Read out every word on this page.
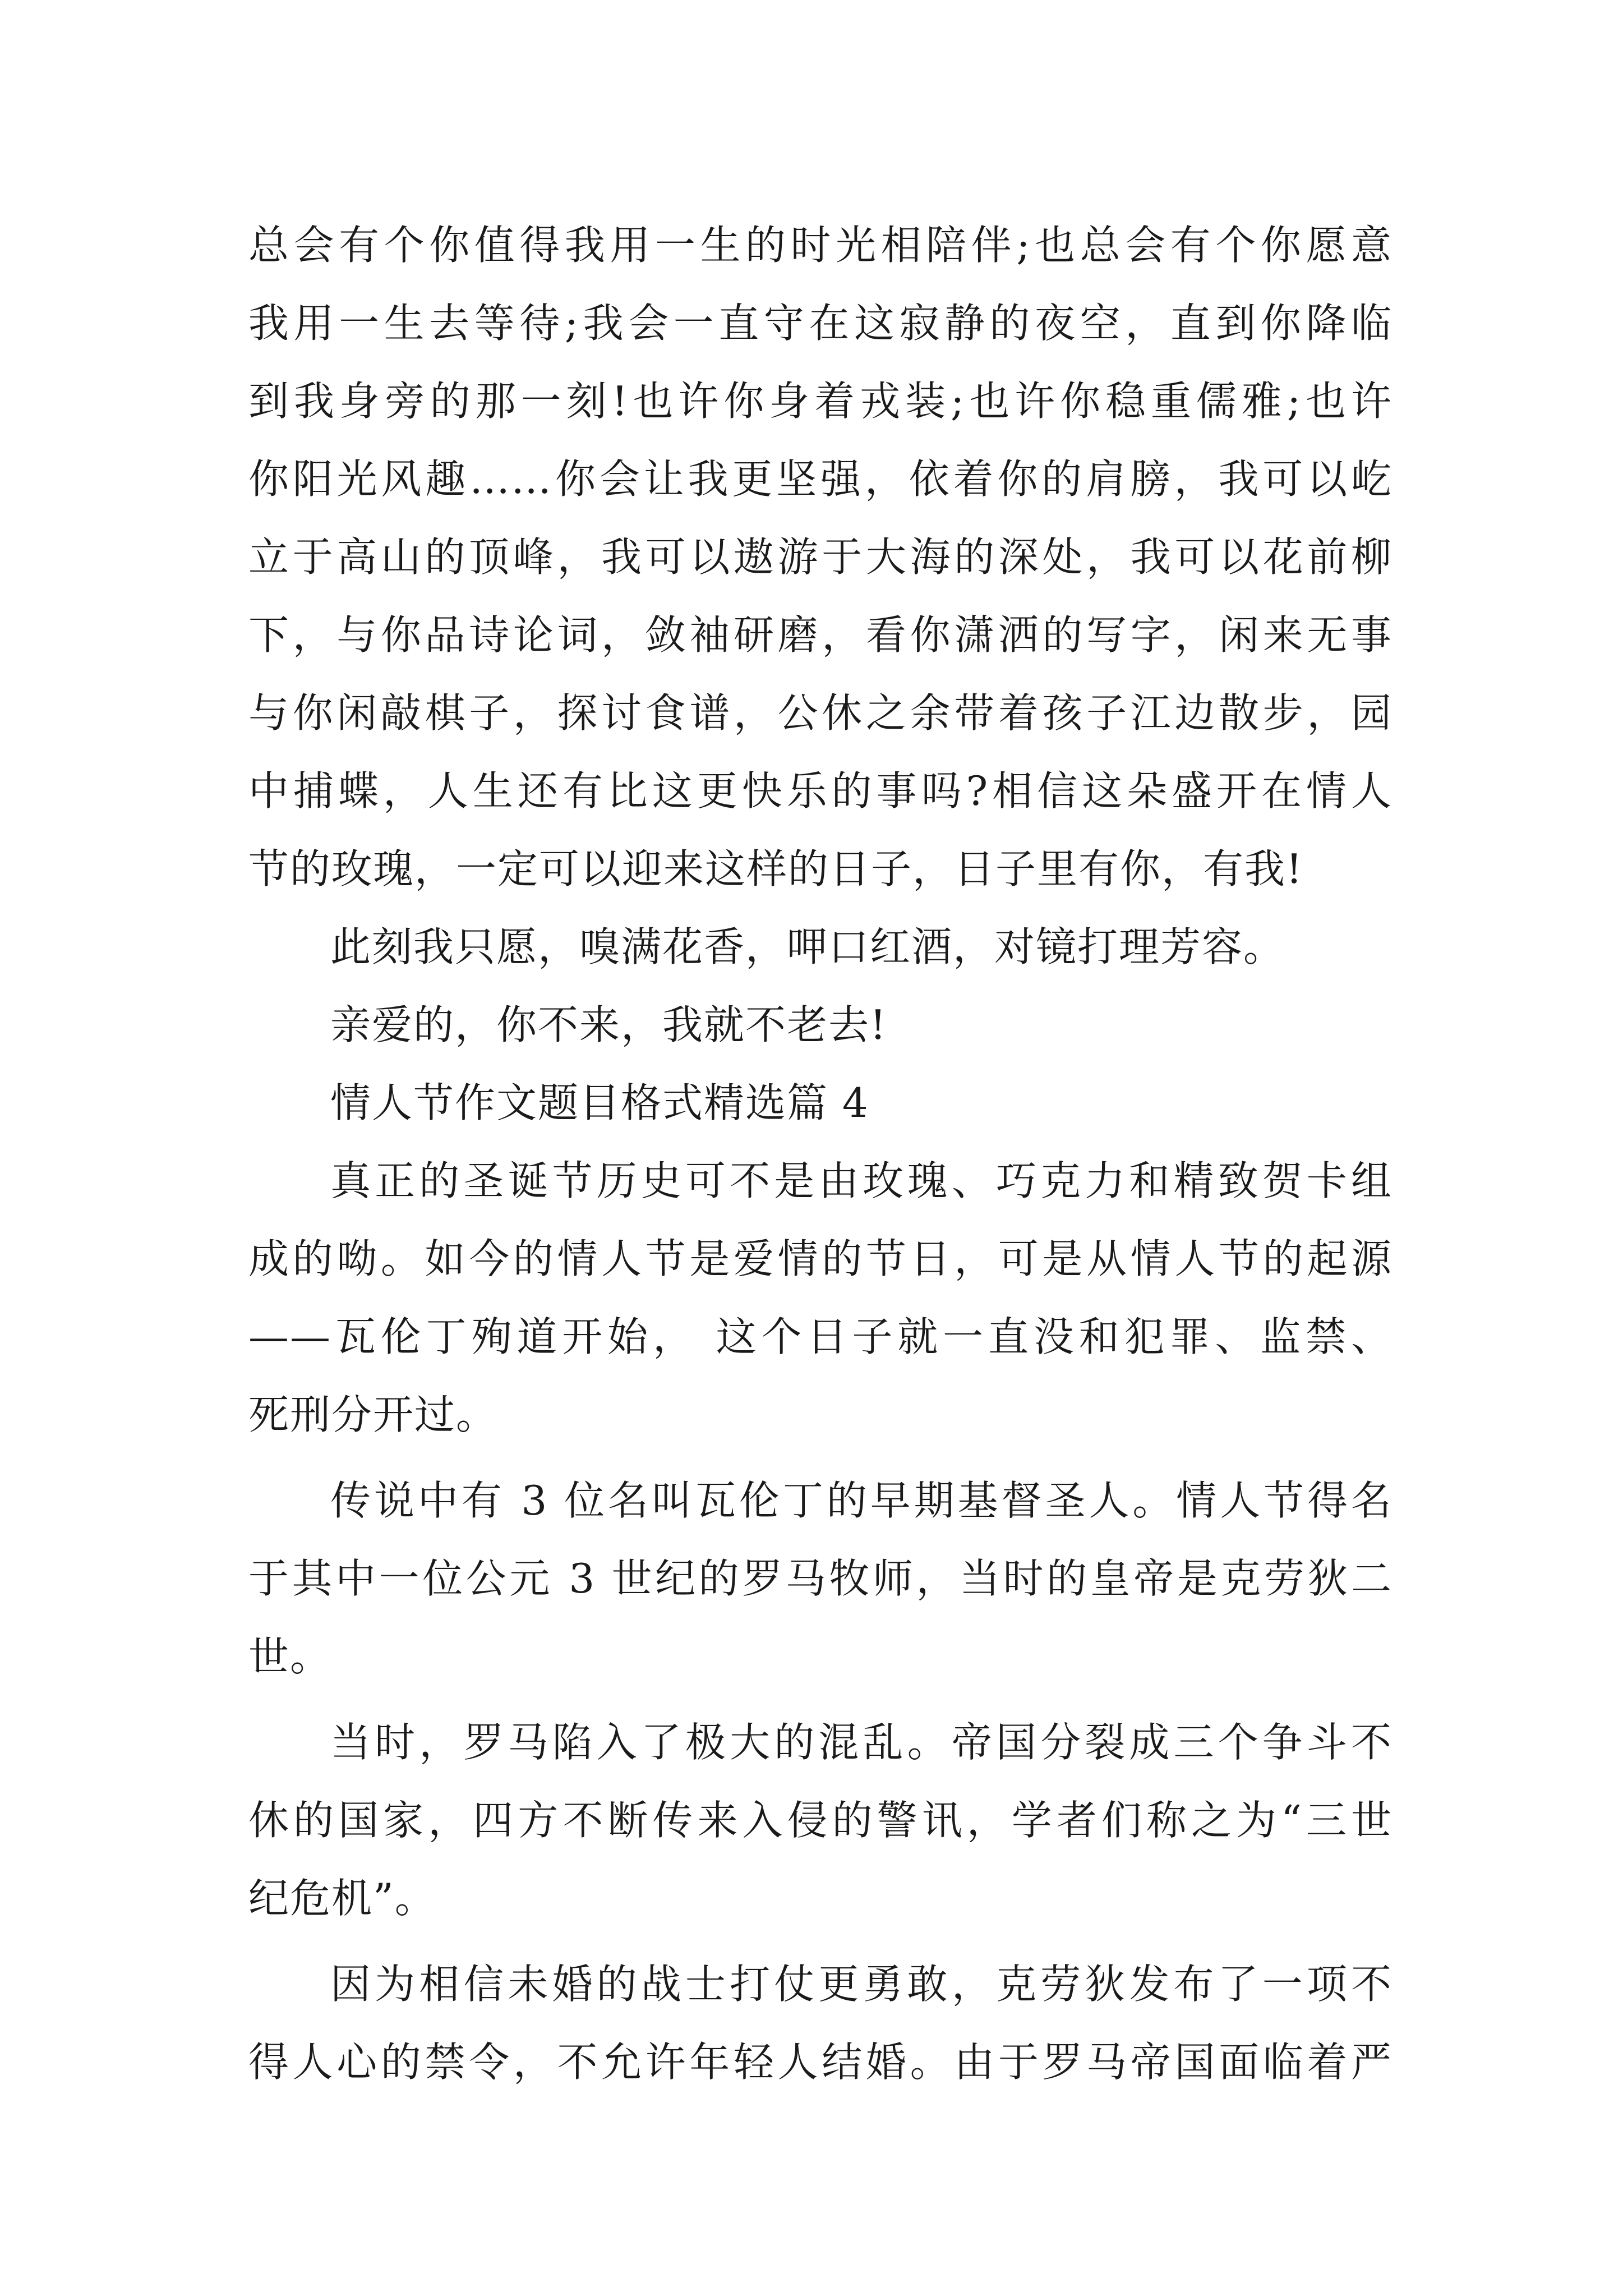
总会有个你值得我用一生的时光相陪伴;也总会有个你愿意
我用一生去等待;我会一直守在这寂静的夜空，直到你降临
到我身旁的那一刻!也许你身着戎装;也许你稳重儒雅;也许
你阳光风趣……你会让我更坚强，依着你的肩膀，我可以屹
立于高山的顶峰，我可以遨游于大海的深处，我可以花前柳
下，与你品诗论词，敛袖研磨，看你潇洒的写字，闲来无事
与你闲敲棋子，探讨食谱，公休之余带着孩子江边散步，园
中捕蝶，人生还有比这更快乐的事吗?相信这朵盛开在情人
节的玫瑰，一定可以迎来这样的日子，日子里有你，有我!
此刻我只愿，嗅满花香，呷口红酒，对镜打理芳容。
亲爱的，你不来，我就不老去!
情人节作文题目格式精选篇 4
真正的圣诞节历史可不是由玫瑰、巧克力和精致贺卡组
成的呦。如今的情人节是爱情的节日，可是从情人节的起源
——瓦伦丁殉道开始， 这个日子就一直没和犯罪、监禁、
死刑分开过。
传说中有 3 位名叫瓦伦丁的早期基督圣人。情人节得名
于其中一位公元 3 世纪的罗马牧师，当时的皇帝是克劳狄二
世。
当时，罗马陷入了极大的混乱。帝国分裂成三个争斗不
休的国家，四方不断传来入侵的警讯，学者们称之为“三世
纪危机”。
因为相信未婚的战士打仗更勇敢，克劳狄发布了一项不
得人心的禁令，不允许年轻人结婚。由于罗马帝国面临着严
